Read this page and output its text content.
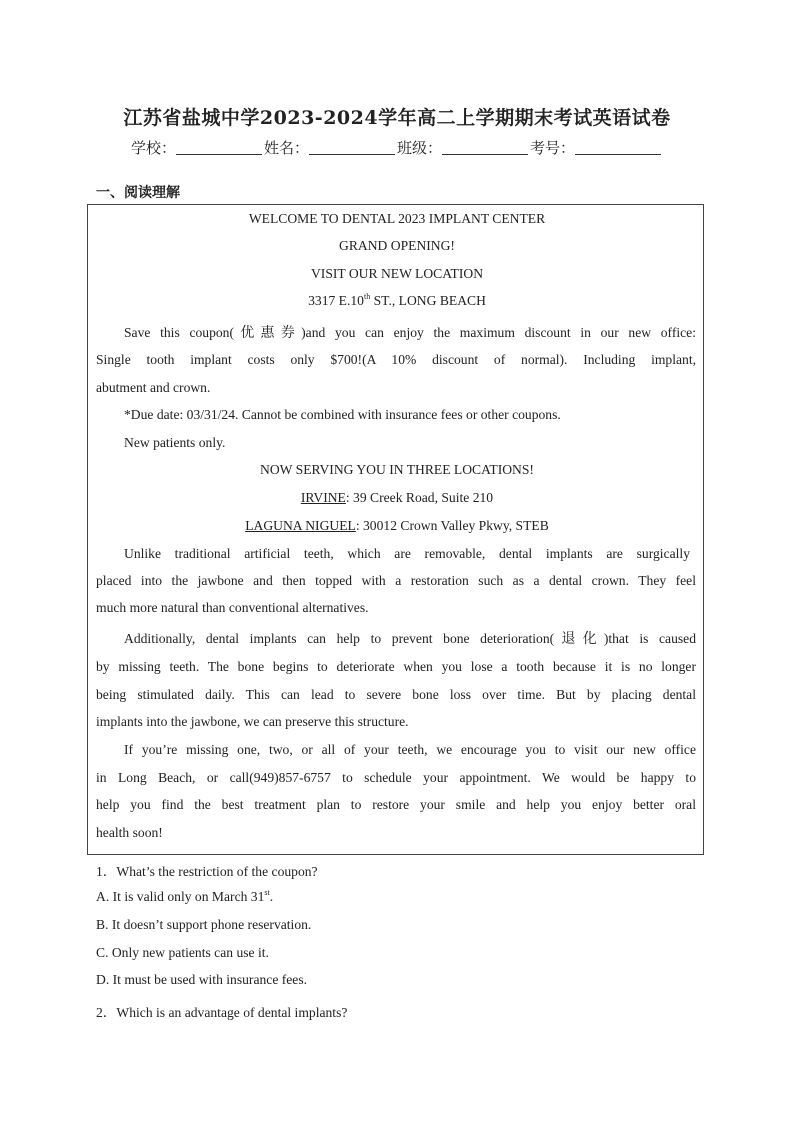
江苏省盐城中学2023-2024学年高二上学期期末考试英语试卷
学校：	姓名：	班级：	考号：
一、阅读理解
WELCOME TO DENTAL 2023 IMPLANT CENTER
GRAND OPENING!
VISIT OUR NEW LOCATION
3317 E.10th ST., LONG BEACH
Save this coupon(优惠券)and you can enjoy the maximum discount in our new office:
Single tooth implant costs only $700!(A 10% discount of normal). Including implant,
abutment and crown.
*Due date: 03/31/24. Cannot be combined with insurance fees or other coupons.
New patients only.
NOW SERVING YOU IN THREE LOCATIONS!
IRVINE: 39 Creek Road, Suite 210
LAGUNA NIGUEL: 30012 Crown Valley Pkwy, STEB
Unlike traditional artificial teeth, which are removable, dental implants are surgically
placed into the jawbone and then topped with a restoration such as a dental crown. They feel
much more natural than conventional alternatives.
Additionally, dental implants can help to prevent bone deterioration(退化)that is caused
by missing teeth. The bone begins to deteriorate when you lose a tooth because it is no longer
being stimulated daily. This can lead to severe bone loss over time. But by placing dental
implants into the jawbone, we can preserve this structure.
If you’re missing one, two, or all of your teeth, we encourage you to visit our new office
in Long Beach, or call(949)857-6757 to schedule your appointment. We would be happy to
help you find the best treatment plan to restore your smile and help you enjoy better oral
health soon!
1．What’s the restriction of the coupon?
A. It is valid only on March 31st.
B. It doesn’t support phone reservation.
C. Only new patients can use it.
D. It must be used with insurance fees.
2．Which is an advantage of dental implants?
